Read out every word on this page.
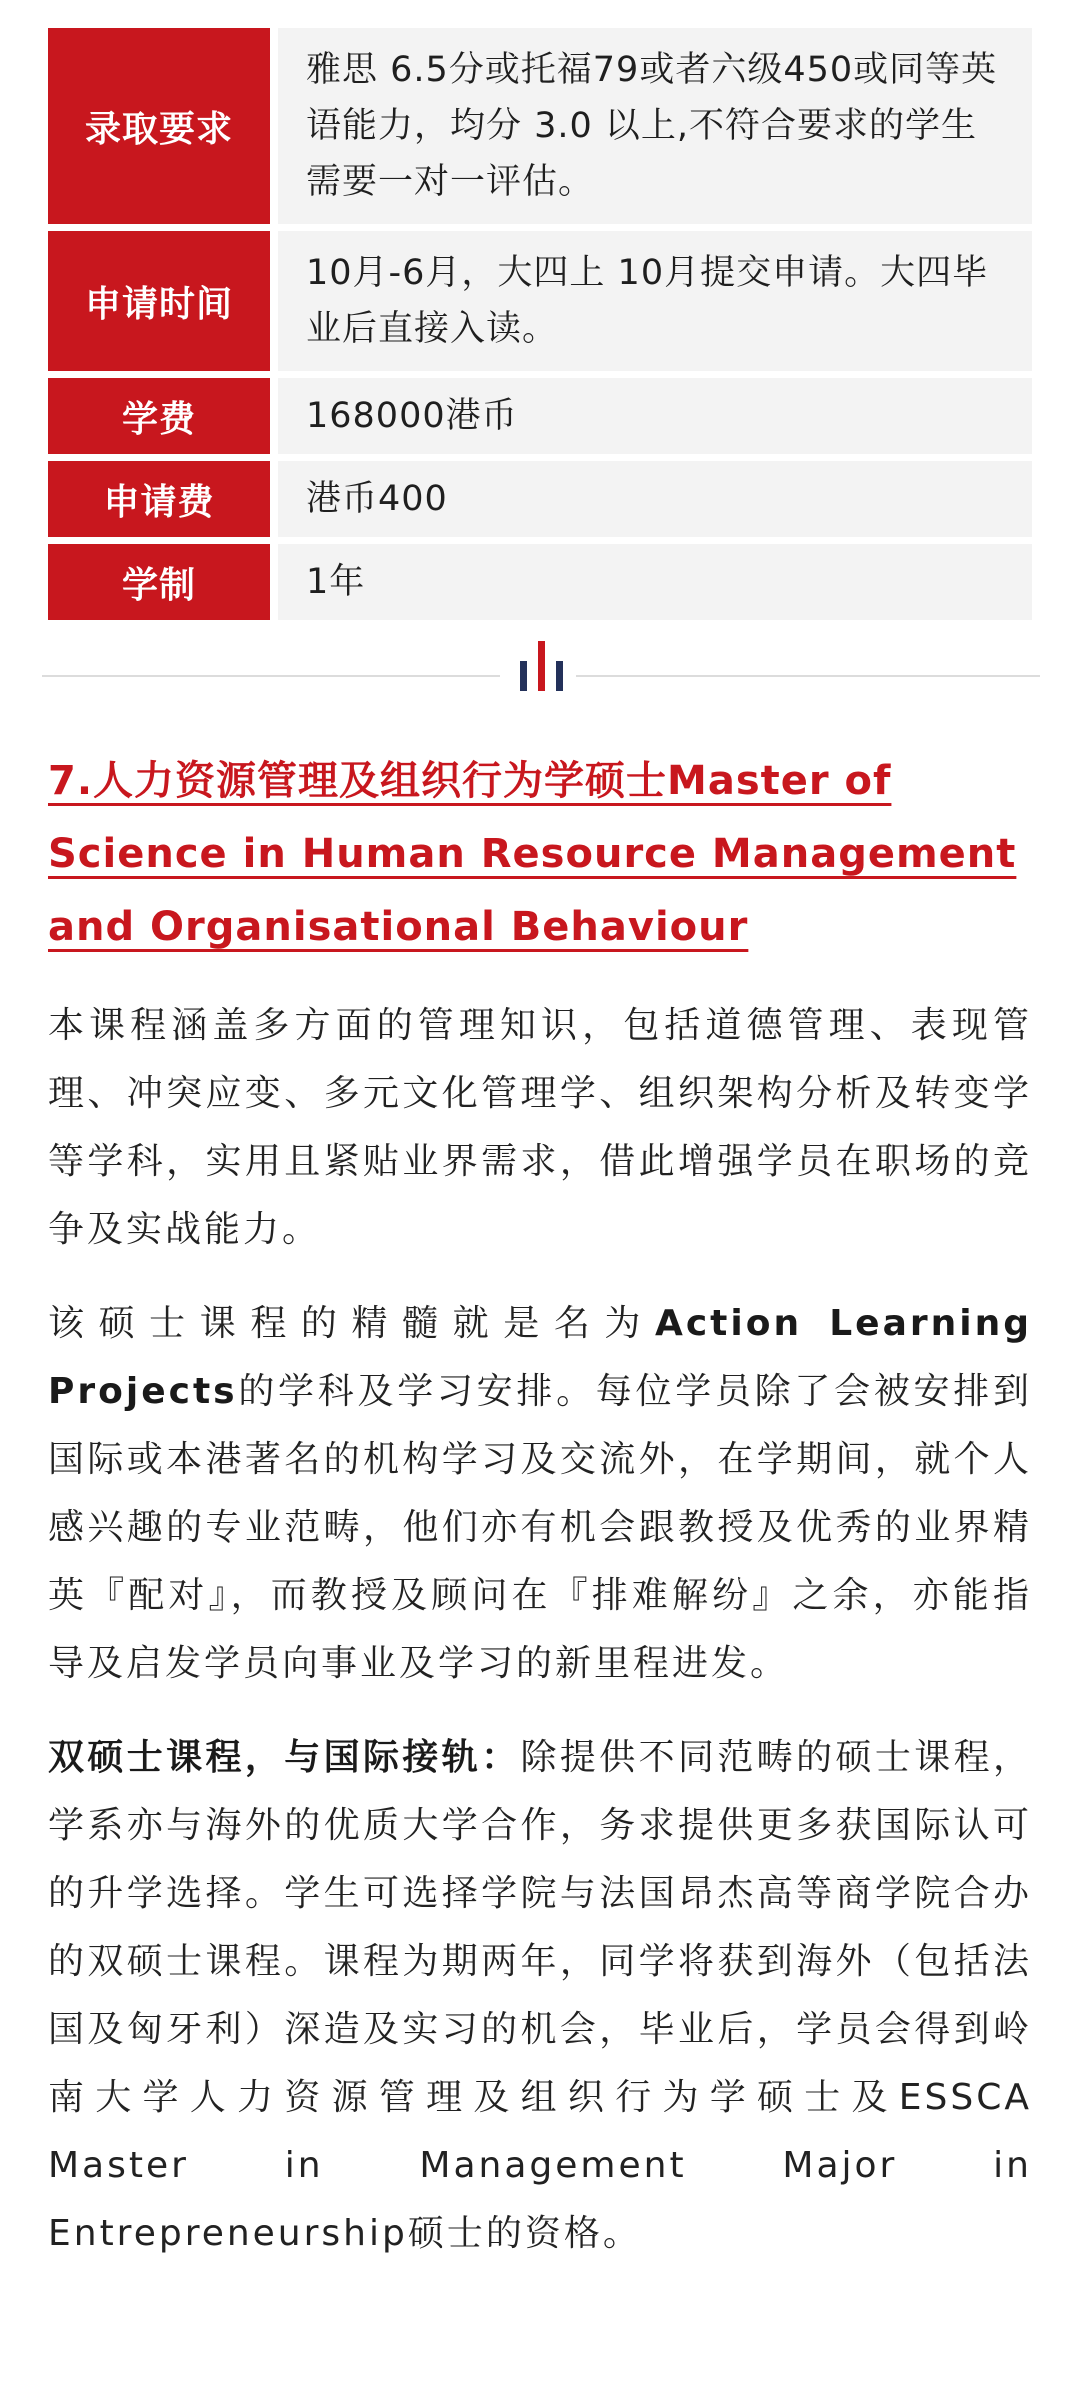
录取要求		雅思 6.5分或托福79或者六级450或同等英语能力，均分 3.0 以上,不符合要求的学生需要一对一评估。
申请时间		10月-6月，大四上 10月提交申请。大四毕业后直接入读。
学费		168000港币
申请费		港币400
学制		1年
7.人力资源管理及组织行为学硕士Master of Science in Human Resource Management and Organisational Behaviour

本课程涵盖多方面的管理知识，包括道德管理、表现管理、冲突应变、多元文化管理学、组织架构分析及转变学等学科，实用且紧贴业界需求，借此增强学员在职场的竞争及实战能力。

该硕士课程的精髓就是名为Action Learning Projects的学科及学习安排。每位学员除了会被安排到国际或本港著名的机构学习及交流外，在学期间，就个人感兴趣的专业范畴，他们亦有机会跟教授及优秀的业界精英『配对』，而教授及顾问在『排难解纷』之余，亦能指导及启发学员向事业及学习的新里程进发。

双硕士课程，与国际接轨：除提供不同范畴的硕士课程，学系亦与海外的优质大学合作，务求提供更多获国际认可的升学选择。学生可选择学院与法国昂杰高等商学院合办的双硕士课程。课程为期两年，同学将获到海外（包括法国及匈牙利）深造及实习的机会，毕业后，学员会得到岭南大学人力资源管理及组织行为学硕士及ESSCA Master in Management Major in Entrepreneurship硕士的资格。
